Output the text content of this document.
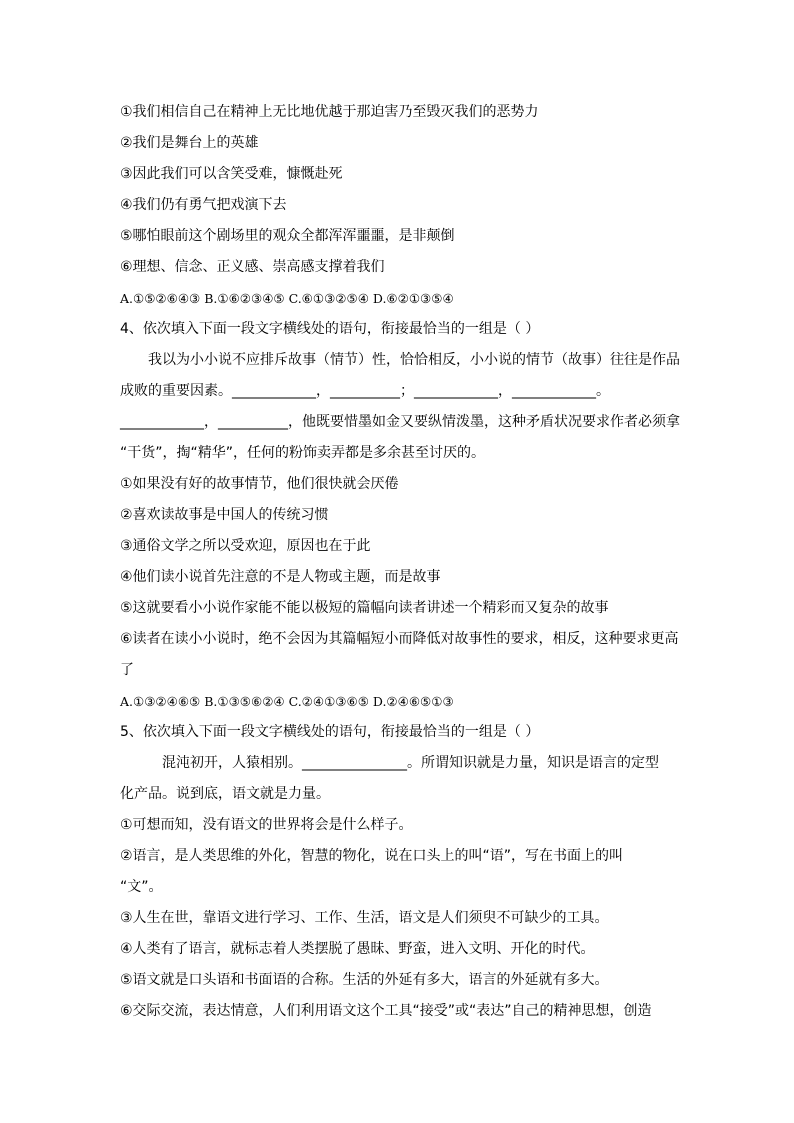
①我们相信自己在精神上无比地优越于那迫害乃至毁灭我们的恶势力
②我们是舞台上的英雄
③因此我们可以含笑受难，慷慨赴死
④我们仍有勇气把戏演下去
⑤哪怕眼前这个剧场里的观众全都浑浑噩噩，是非颠倒
⑥理想、信念、正义感、崇高感支撑着我们
A.①⑤②⑥④③ B.①⑥②③④⑤ C.⑥①③②⑤④ D.⑥②①③⑤④
4、依次填入下面一段文字横线处的语句，衔接最恰当的一组是（ ）
我以为小小说不应排斥故事（情节）性，恰恰相反，小小说的情节（故事）往往是作品
成败的重要因素。____________，__________；____________，____________。
____________，__________，他既要惜墨如金又要纵情泼墨，这种矛盾状况要求作者必须拿
“干货”，掏“精华”，任何的粉饰卖弄都是多余甚至讨厌的。
①如果没有好的故事情节，他们很快就会厌倦
②喜欢读故事是中国人的传统习惯
③通俗文学之所以受欢迎，原因也在于此
④他们读小说首先注意的不是人物或主题，而是故事
⑤这就要看小小说作家能不能以极短的篇幅向读者讲述一个精彩而又复杂的故事
⑥读者在读小小说时，绝不会因为其篇幅短小而降低对故事性的要求，相反，这种要求更高
了
A.①③②④⑥⑤ B.①③⑤⑥②④ C.②④①③⑥⑤ D.②④⑥⑤①③
5、依次填入下面一段文字横线处的语句，衔接最恰当的一组是（ ）
混沌初开，人猿相别。_______________。所谓知识就是力量，知识是语言的定型
化产品。说到底，语文就是力量。
①可想而知，没有语文的世界将会是什么样子。
②语言，是人类思维的外化，智慧的物化，说在口头上的叫“语”，写在书面上的叫
“文”。
③人生在世，靠语文进行学习、工作、生活，语文是人们须臾不可缺少的工具。
④人类有了语言，就标志着人类摆脱了愚昧、野蛮，进入文明、开化的时代。
⑤语文就是口头语和书面语的合称。生活的外延有多大，语言的外延就有多大。
⑥交际交流，表达情意，人们利用语文这个工具“接受”或“表达”自己的精神思想，创造
